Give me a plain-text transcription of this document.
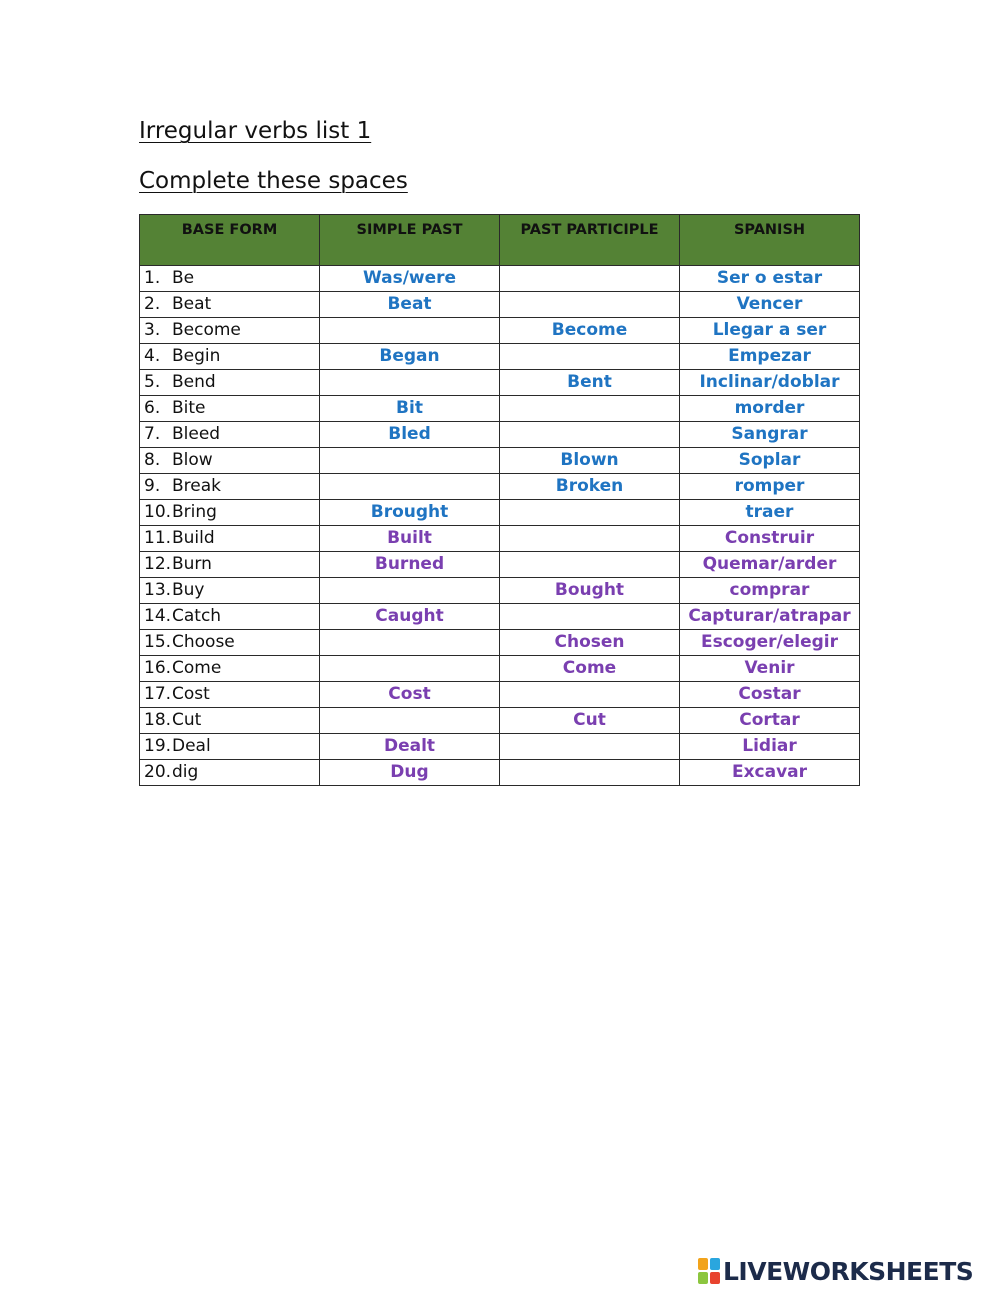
Irregular verbs list 1
Complete these spaces
BASE FORM	SIMPLE PAST	PAST PARTICIPLE	SPANISH
1. Be	Was/were		Ser o estar
2. Beat	Beat		Vencer
3. Become		Become	Llegar a ser
4. Begin	Began		Empezar
5. Bend		Bent	Inclinar/doblar
6. Bite	Bit		morder
7. Bleed	Bled		Sangrar
8. Blow		Blown	Soplar
9. Break		Broken	romper
10.Bring	Brought		traer
11.Build	Built		Construir
12.Burn	Burned		Quemar/arder
13.Buy		Bought	comprar
14.Catch	Caught		Capturar/atrapar
15.Choose		Chosen	Escoger/elegir
16.Come		Come	Venir
17.Cost	Cost		Costar
18.Cut		Cut	Cortar
19.Deal	Dealt		Lidiar
20.dig	Dug		Excavar
LIVEWORKSHEETS
